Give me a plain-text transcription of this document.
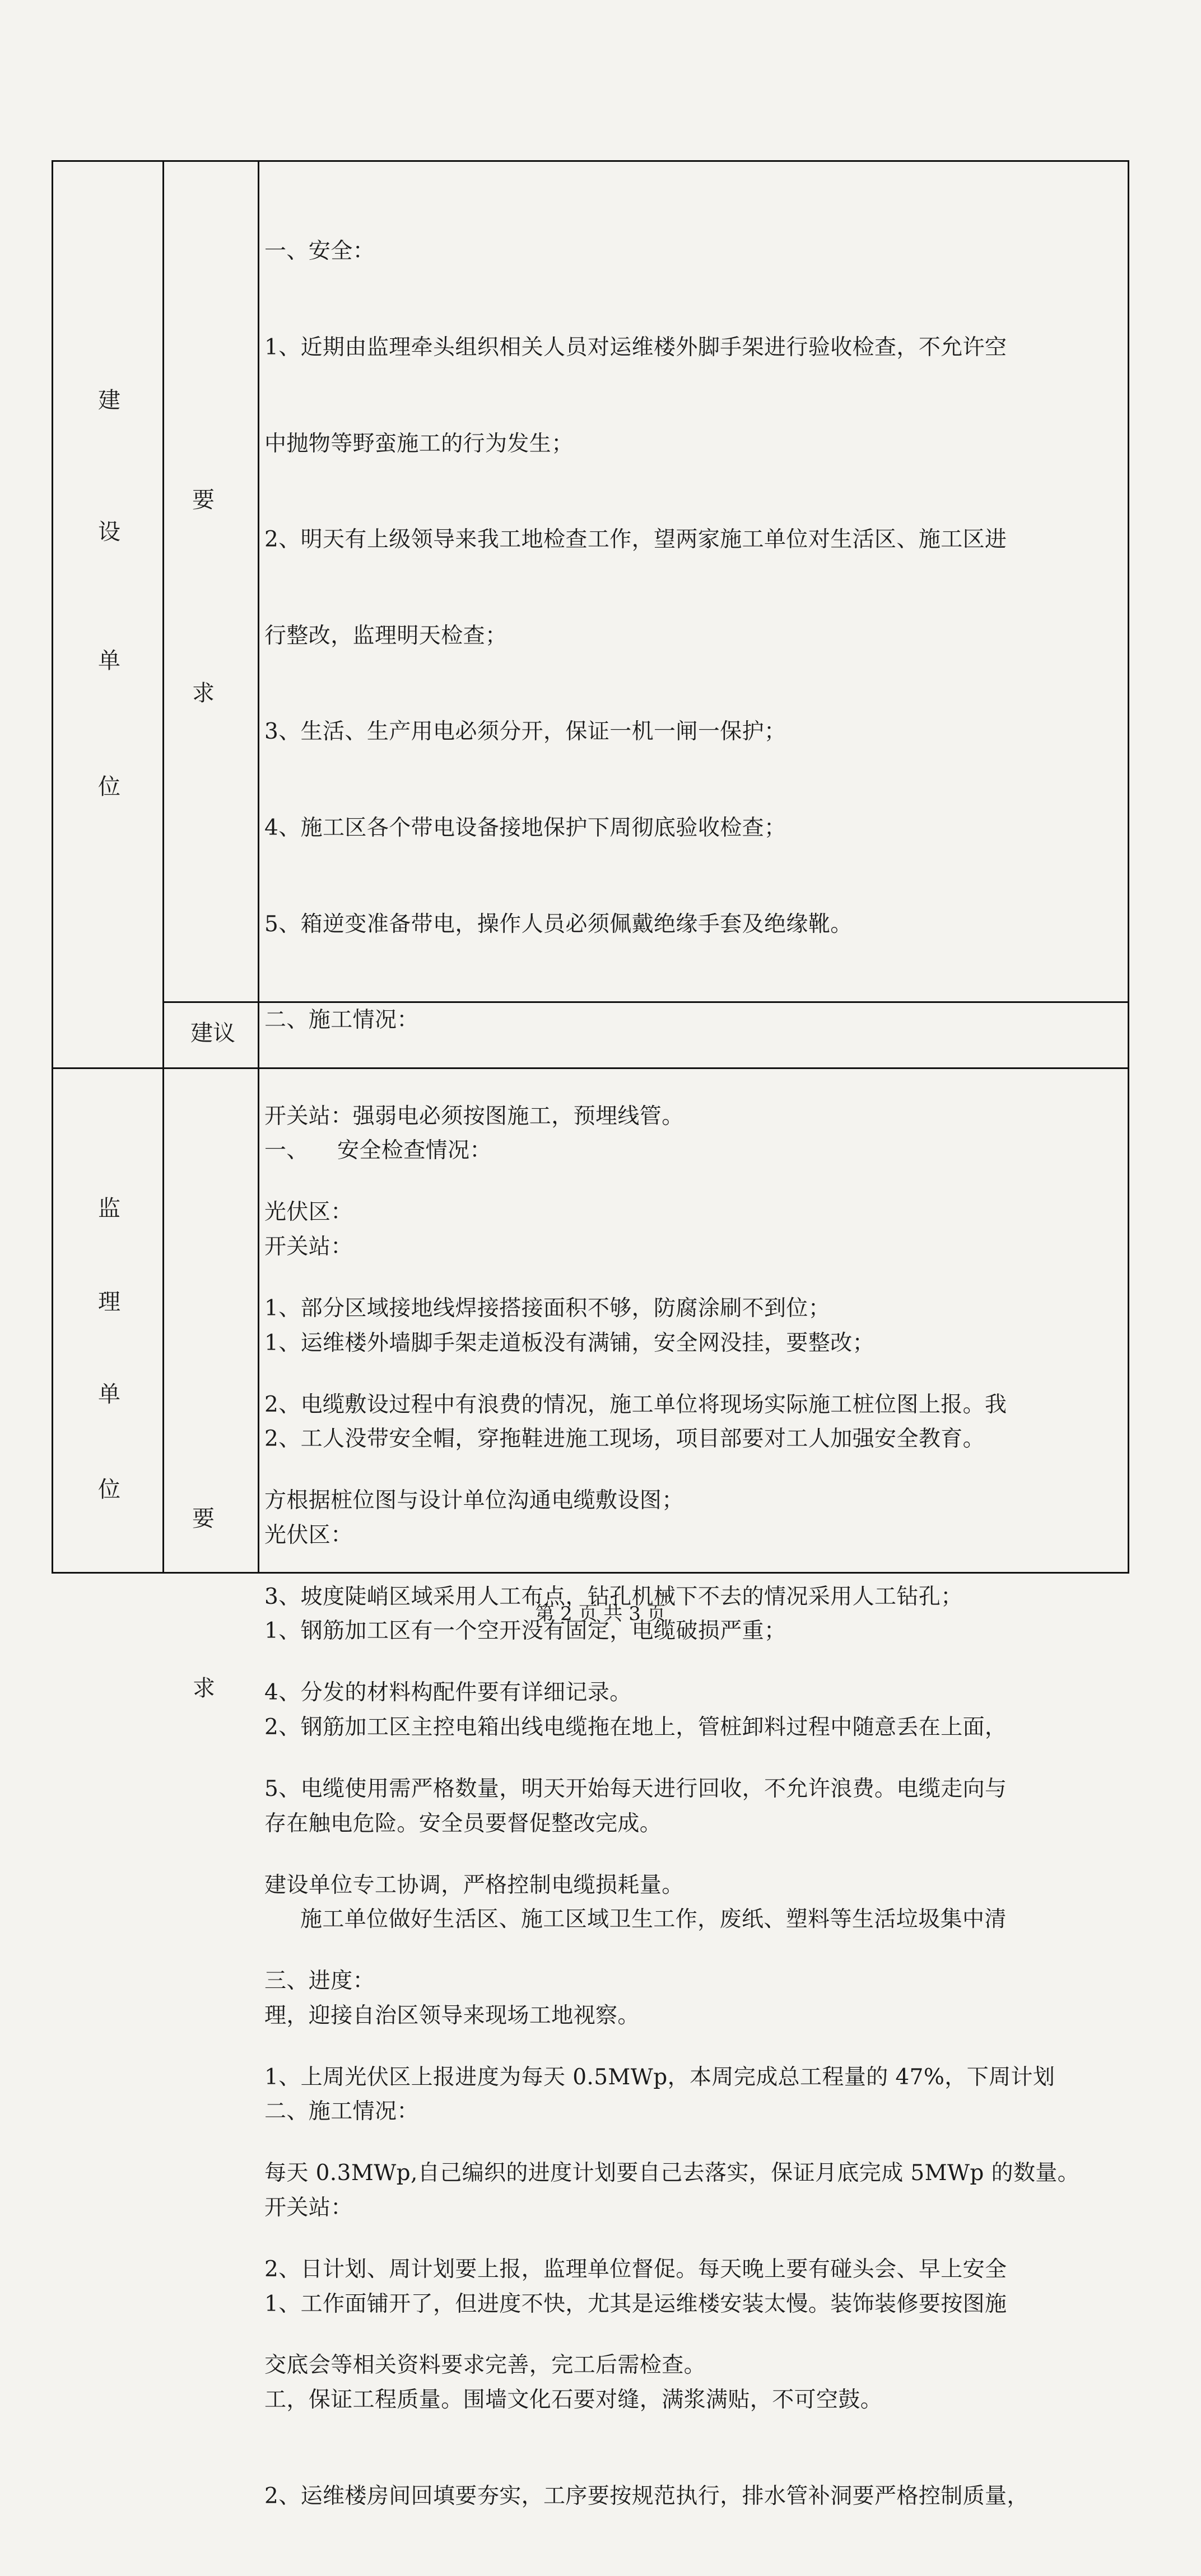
建
设
单
位
要
求

一、安全：

1、近期由监理牵头组织相关人员对运维楼外脚手架进行验收检查，不允许空

中抛物等野蛮施工的行为发生；

2、明天有上级领导来我工地检查工作，望两家施工单位对生活区、施工区进

行整改，监理明天检查；

3、生活、生产用电必须分开，保证一机一闸一保护；

4、施工区各个带电设备接地保护下周彻底验收检查；

5、箱逆变准备带电，操作人员必须佩戴绝缘手套及绝缘靴。

二、施工情况：

开关站：强弱电必须按图施工，预埋线管。

光伏区：

1、部分区域接地线焊接搭接面积不够，防腐涂刷不到位；

2、电缆敷设过程中有浪费的情况，施工单位将现场实际施工桩位图上报。我

方根据桩位图与设计单位沟通电缆敷设图；

3、坡度陡峭区域采用人工布点，钻孔机械下不去的情况采用人工钻孔；

4、分发的材料构配件要有详细记录。

5、电缆使用需严格数量，明天开始每天进行回收，不允许浪费。电缆走向与

建设单位专工协调，严格控制电缆损耗量。

三、进度：

1、上周光伏区上报进度为每天 0.5MWp，本周完成总工程量的 47%，下周计划

每天 0.3MWp,自己编织的进度计划要自己去落实，保证月底完成 5MWp 的数量。

2、日计划、周计划要上报，监理单位督促。每天晚上要有碰头会、早上安全

交底会等相关资料要求完善，完工后需检查。

建议
监
理
单
位
要

一、    安全检查情况：

开关站：

1、运维楼外墙脚手架走道板没有满铺，安全网没挂，要整改；

2、工人没带安全帽，穿拖鞋进施工现场，项目部要对工人加强安全教育。

光伏区：

1、钢筋加工区有一个空开没有固定，电缆破损严重；

2、钢筋加工区主控电箱出线电缆拖在地上，管桩卸料过程中随意丢在上面，

存在触电危险。安全员要督促整改完成。

施工单位做好生活区、施工区域卫生工作，废纸、塑料等生活垃圾集中清

理，迎接自治区领导来现场工地视察。

二、施工情况：

开关站：

1、工作面铺开了，但进度不快，尤其是运维楼安装太慢。装饰装修要按图施

工，保证工程质量。围墙文化石要对缝，满浆满贴，不可空鼓。

2、运维楼房间回填要夯实，工序要按规范执行，排水管补洞要严格控制质量，

第 2 页 共 3 页
求
